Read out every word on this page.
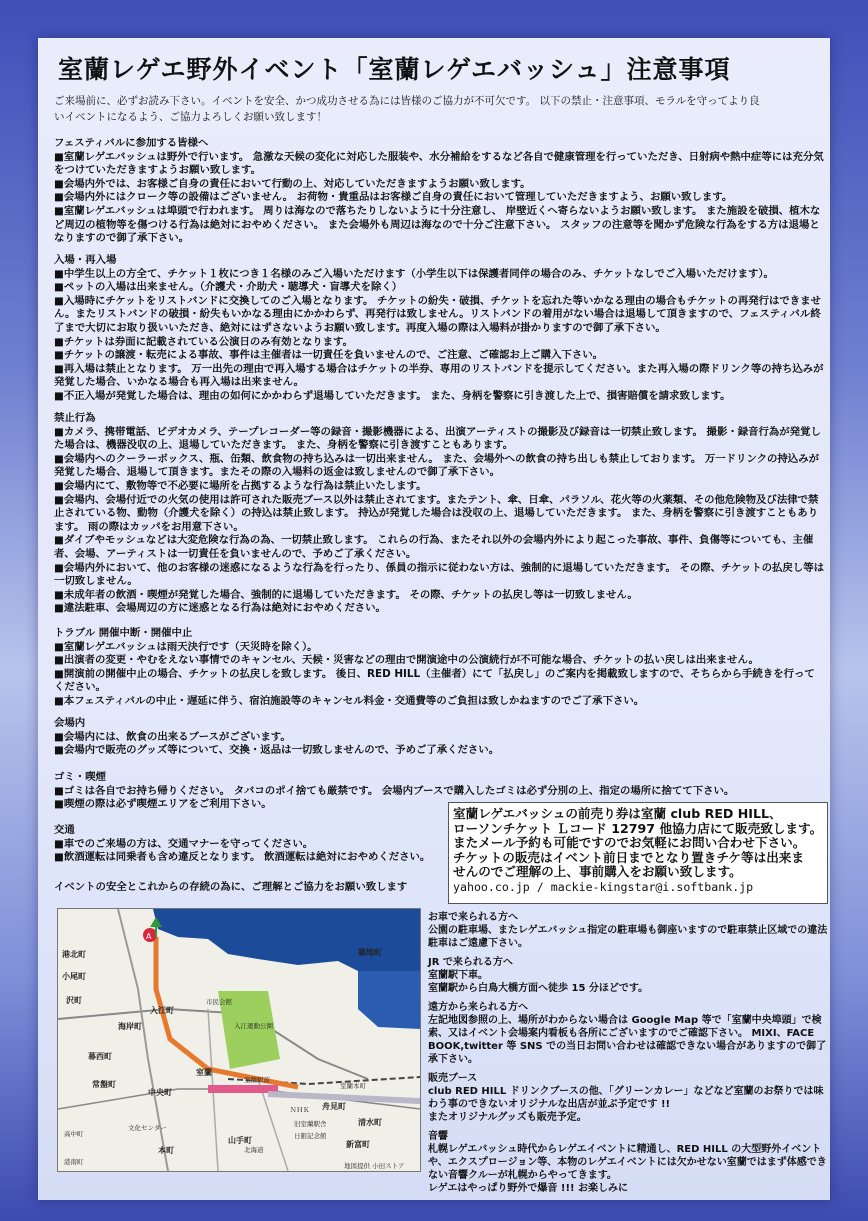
室蘭レゲエ野外イベント「室蘭レゲエバッシュ」注意事項
ご来場前に、必ずお読み下さい。イベントを安全、かつ成功させる為には皆様のご協力が不可欠です。 以下の禁止・注意事項、モラルを守ってより良
いイベントになるよう、ご協力よろしくお願い致します！
フェスティバルに参加する皆様へ

■ 室蘭レゲエバッシュは野外で行います。 急激な天候の変化に対応した服装や、水分補給をするなど各自で健康管理を行っていただき、日射病や熱中症等には充分気をつけていただきますようお願い致します。

■ 会場内外では、お客様ご自身の責任において行動の上、対応していただきますようお願い致します。

■ 会場内外にはクローク等の設備はございません。 お荷物・貴重品はお客様ご自身の責任において管理していただきますよう、お願い致します。

■ 室蘭レゲエバッシュは埠頭で行われます。 周りは海なので落ちたりしないように十分注意し、 岸壁近くへ寄らないようお願い致します。 また施設を破損、植木など周辺の植物等を傷つける行為は絶対におやめください。 また会場外も周辺は海なので十分ご注意下さい。 スタッフの注意等を聞かず危険な行為をする方は退場となりますので御了承下さい。

入場・再入場

■ 中学生以上の方全て、チケット１枚につき１名様のみご入場いただけます（小学生以下は保護者同伴の場合のみ、チケットなしでご入場いただけます）。

■ ペットの入場は出来ません。（介護犬・介助犬・聴導犬・盲導犬を除く）

■ 入場時にチケットをリストバンドに交換してのご入場となります。 チケットの紛失・破損、チケットを忘れた等いかなる理由の場合もチケットの再発行はできません。またリストバンドの破損・紛失もいかなる理由にかかわらず、再発行は致しません。リストバンドの着用がない場合は退場して頂きますので、フェスティバル終了まで大切にお取り扱いいただき、絶対にはずさないようお願い致します。再度入場の際は入場料が掛かりますので御了承下さい。

■ チケットは券面に記載されている公演日のみ有効となります。

■ チケットの譲渡・転売による事故、事件は主催者は一切責任を負いませんので、ご注意、ご確認お上ご購入下さい。

■ 再入場は禁止となります。 万一出先の理由で再入場する場合はチケットの半券、専用のリストバンドを提示してください。また再入場の際ドリンク等の持ち込みが発覚した場合、いかなる場合も再入場は出来ません。

■ 不正入場が発覚した場合は、理由の如何にかかわらず退場していただきます。 また、身柄を警察に引き渡した上で、損害賠償を請求致します。

禁止行為

■ カメラ、携帯電話、ビデオカメラ、テープレコーダー等の録音・撮影機器による、出演アーティストの撮影及び録音は一切禁止致します。 撮影・録音行為が発覚した場合は、機器没収の上、退場していただきます。 また、身柄を警察に引き渡すこともあります。

■ 会場内へのクーラーボックス、瓶、缶類、飲食物の持ち込みは一切出来ません。 また、会場外への飲食の持ち出しも禁止しております。 万一ドリンクの持込みが発覚した場合、退場して頂きます。またその際の入場料の返金は致しませんので御了承下さい。

■ 会場内にて、敷物等で不必要に場所を占拠するような行為は禁止いたします。

■ 会場内、会場付近での火気の使用は許可された販売ブース以外は禁止されてます。またテント、傘、日傘、パラソル、花火等の火薬類、その他危険物及び法律で禁止されている物、動物（介護犬を除く）の持込は禁止致します。 持込が発覚した場合は没収の上、退場していただきます。 また、身柄を警察に引き渡すこともあります。 雨の際はカッパをお用意下さい。

■ ダイブやモッシュなどは大変危険な行為の為、一切禁止致します。 これらの行為、またそれ以外の会場内外により起こった事故、事件、負傷等についても、主催者、会場、アーティストは一切責任を負いませんので、予めご了承ください。

■ 会場内外において、他のお客様の迷惑になるような行為を行ったり、係員の指示に従わない方は、強制的に退場していただきます。 その際、チケットの払戻し等は一切致しません。

■ 未成年者の飲酒・喫煙が発覚した場合、強制的に退場していただきます。 その際、チケットの払戻し等は一切致しません。

■ 違法駐車、会場周辺の方に迷惑となる行為は絶対におやめください。

トラブル 開催中断・開催中止

■ 室蘭レゲエバッシュは雨天決行です（天災時を除く）。

■ 出演者の変更・やむをえない事情でのキャンセル、天候・災害などの理由で開演途中の公演続行が不可能な場合、チケットの払い戻しは出来ません。

■ 開演前の開催中止の場合、チケットの払戻しを致します。 後日、RED HILL（主催者）にて「払戻し」のご案内を掲載致しますので、そちらから手続きを行ってください。

■ 本フェスティバルの中止・遅延に伴う、宿泊施設等のキャンセル料金・交通費等のご負担は致しかねますのでご了承下さい。

会場内

■ 会場内には、飲食の出来るブースがございます。

■ 会場内で販売のグッズ等について、交換・返品は一切致しませんので、予めご了承ください。

ゴミ・喫煙

■ ゴミは各自でお持ち帰りください。 タバコのポイ捨ても厳禁です。 会場内ブースで購入したゴミは必ず分別の上、指定の場所に捨てて下さい。

■ 喫煙の際は必ず喫煙エリアをご利用下さい。

交通

■ 車でのご来場の方は、交通マナーを守ってください。

■ 飲酒運転は同乗者も含め違反となります。 飲酒運転は絶対におやめください。

イベントの安全とこれからの存続の為に、ご理解とご協力をお願い致します
室蘭レゲエバッシュの前売り券は室蘭 club RED HILL、
ローソンチケット Ｌコード 12797 他協力店にて販売致します。
またメール予約も可能ですのでお気軽にお問い合わせ下さい。
チケットの販売はイベント前日までとなり置きチケ等は出来ま
せんのでご理解の上、事前購入をお願い致します。
yahoo.co.jp / mackie-kingstar@i.softbank.jp
A
小尾町
築地町
入江町
海岸町
幕西町
常盤町
中央町
山手町
本町
室蘭
入江運動公園
市民会館
沢町
港北町
舟見町
清水町
新富町
室蘭本町
室蘭駅前
旧室蘭駅舎
日銀記念館
高中町
文化センター
ＮＨＫ
北海道
港南町	地図提供 小田ストア
お車で来られる方へ

公園の駐車場、またレゲエバッシュ指定の駐車場も御座いますので駐車禁止区域での違法駐車はご遠慮下さい。

JR で来られる方へ

室蘭駅下車。

室蘭駅から白鳥大橋方面へ徒歩 15 分ほどです。

遠方から来られる方へ

左記地図参照の上、場所がわからない場合は Google Map 等で「室蘭中央埠頭」で検索、又はイベント会場案内看板も各所にございますのでご確認下さい。 MIXI、FACE BOOK,twitter 等 SNS での当日お問い合わせは確認できない場合がありますので御了承下さい。

販売ブース

club RED HILL ドリンクブースの他、「グリーンカレー」などなど室蘭のお祭りでは味わう事のできないオリジナルな出店が並ぶ予定です !!

またオリジナルグッズも販売予定。

音響

札幌レゲエバッシュ時代からレゲエイベントに精通し、RED HILL の大型野外イベントや、エクスプロージョン等、本物のレゲエイベントには欠かせない室蘭ではまず体感できない音響クルーが札幌からやってきます。

レゲエはやっぱり野外で爆音 !!! お楽しみに
